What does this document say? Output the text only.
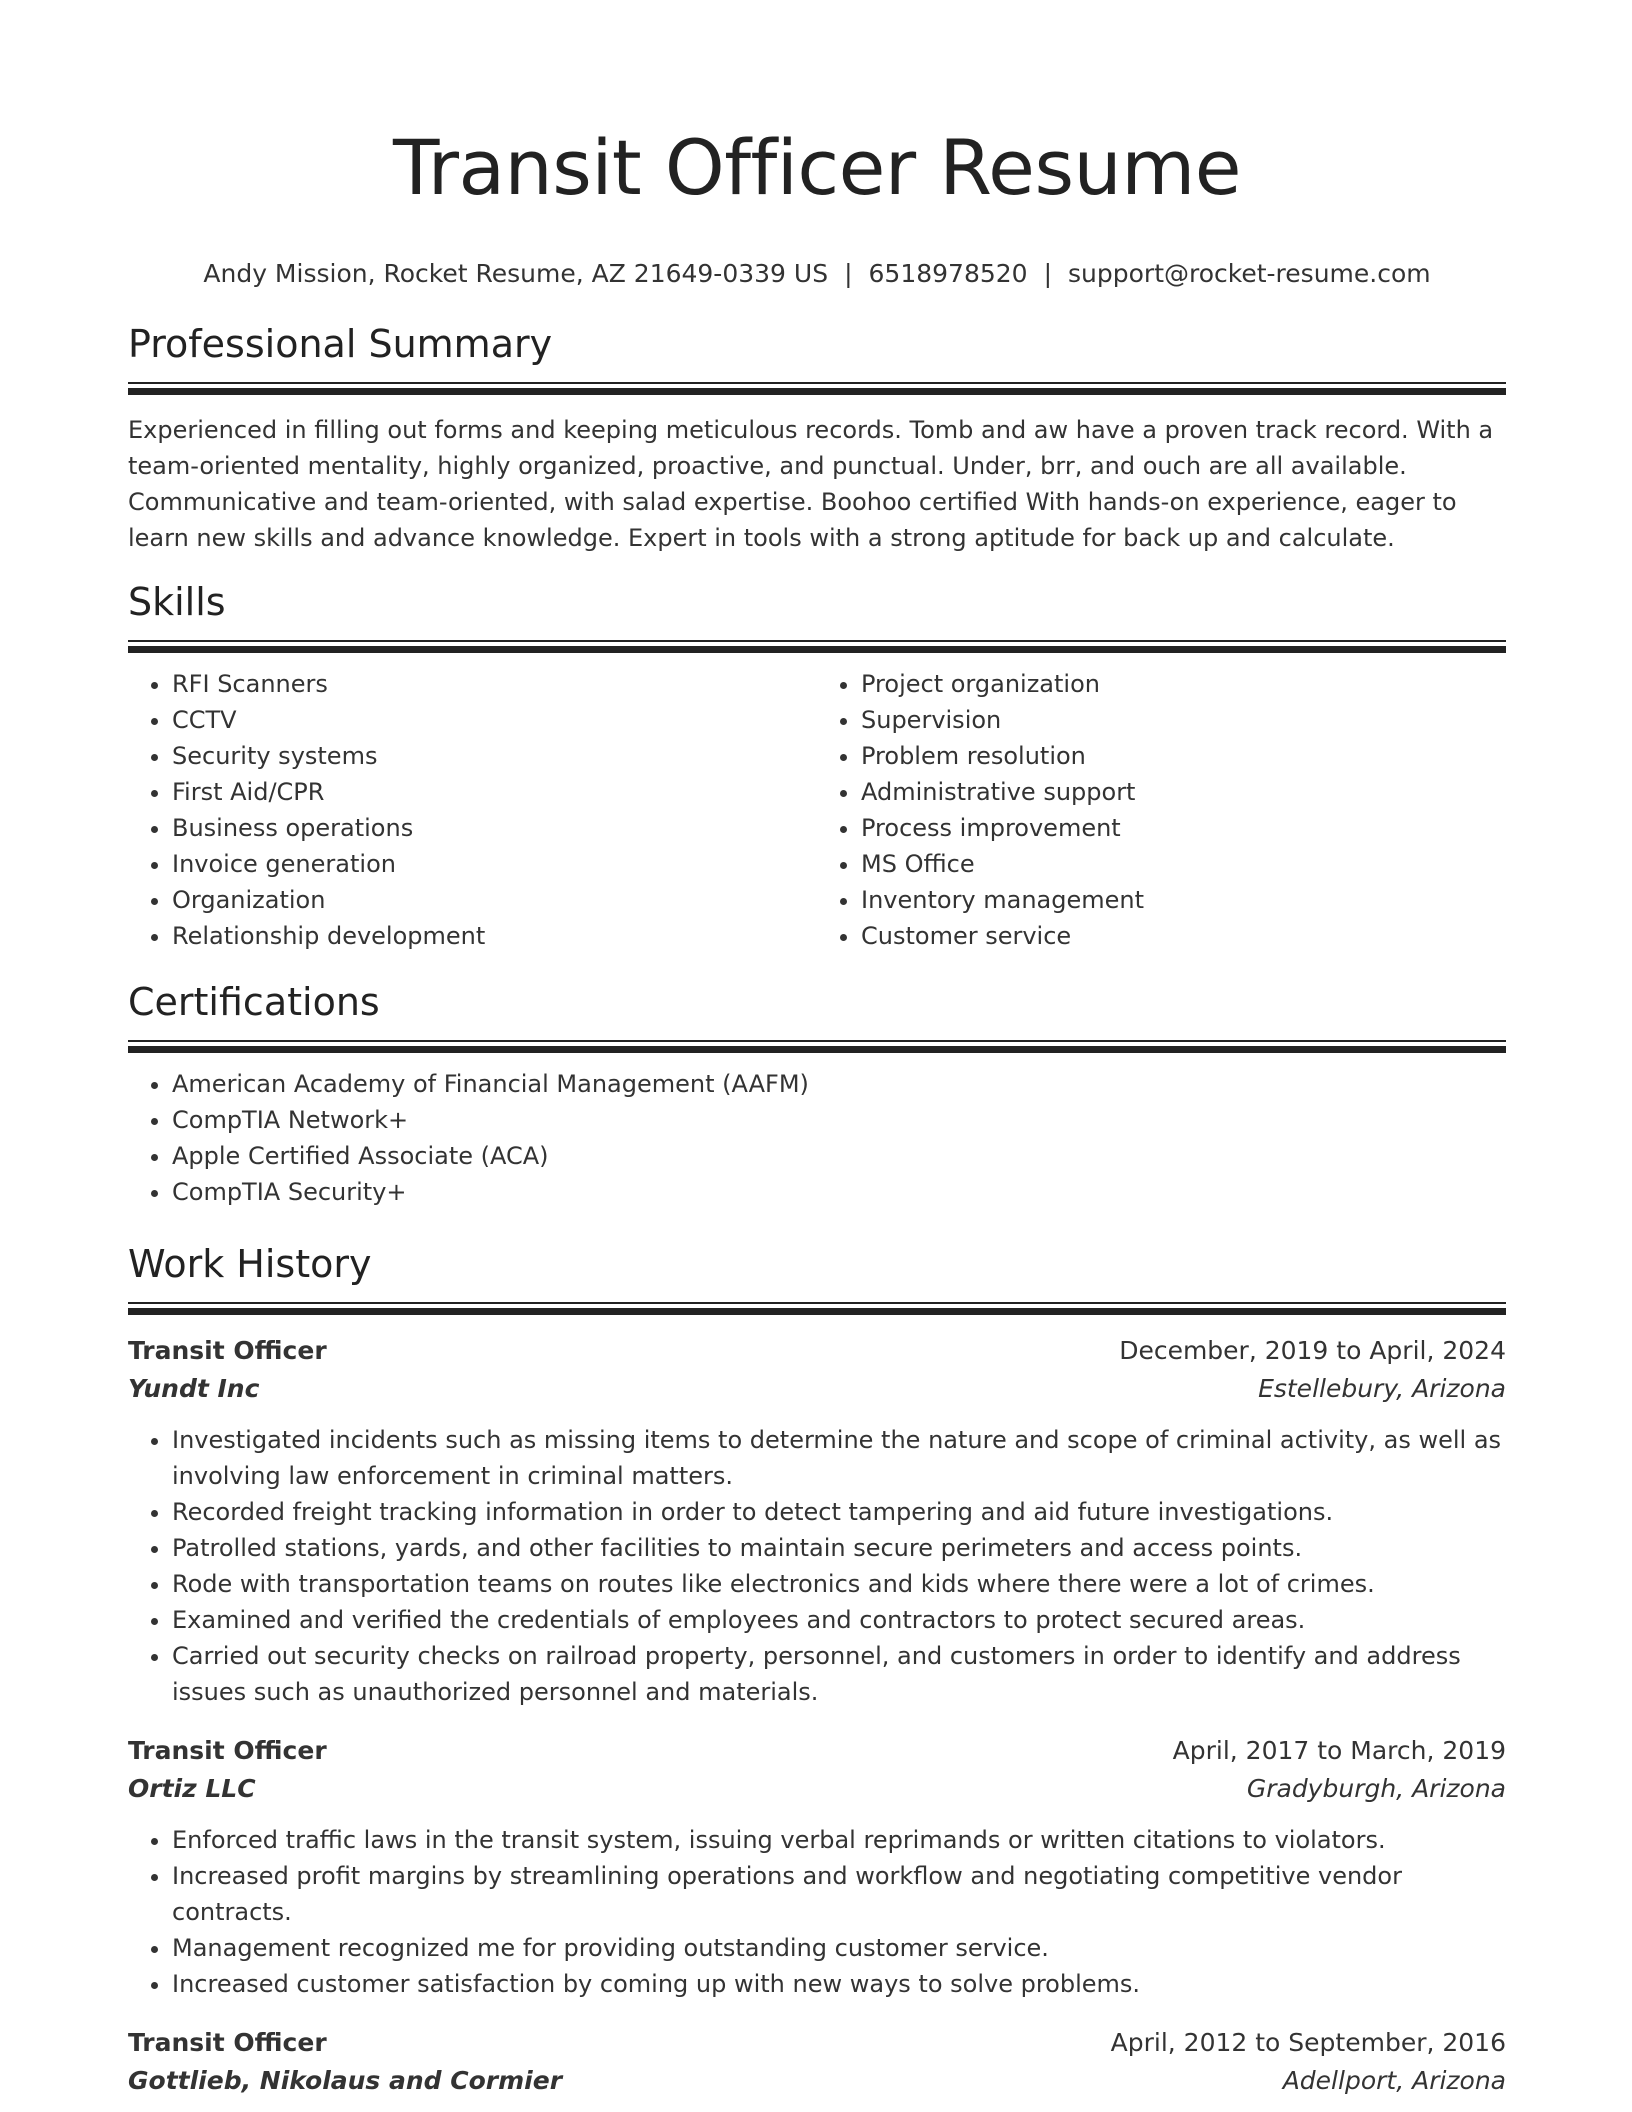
Transit Officer Resume
Andy Mission, Rocket Resume, AZ 21649-0339 US | 6518978520 | support@rocket-resume.com
Professional Summary

Experienced in filling out forms and keeping meticulous records. Tomb and aw have a proven track record. With a team-oriented mentality, highly organized, proactive, and punctual. Under, brr, and ouch are all available. Communicative and team-oriented, with salad expertise. Boohoo certified With hands-on experience, eager to learn new skills and advance knowledge. Expert in tools with a strong aptitude for back up and calculate.

Skills
• RFI Scanners
• CCTV
• Security systems
• First Aid/CPR
• Business operations
• Invoice generation
• Organization
• Relationship development
• Project organization
• Supervision
• Problem resolution
• Administrative support
• Process improvement
• MS Office
• Inventory management
• Customer service
Certifications
• American Academy of Financial Management (AAFM)
• CompTIA Network+
• Apple Certified Associate (ACA)
• CompTIA Security+
Work History
Transit Officer	December, 2019 to April, 2024
Yundt Inc	Estellebury, Arizona
• Investigated incidents such as missing items to determine the nature and scope of criminal activity, as well as involving law enforcement in criminal matters.
• Recorded freight tracking information in order to detect tampering and aid future investigations.
• Patrolled stations, yards, and other facilities to maintain secure perimeters and access points.
• Rode with transportation teams on routes like electronics and kids where there were a lot of crimes.
• Examined and verified the credentials of employees and contractors to protect secured areas.
• Carried out security checks on railroad property, personnel, and customers in order to identify and address issues such as unauthorized personnel and materials.
Transit Officer	April, 2017 to March, 2019
Ortiz LLC	Gradyburgh, Arizona
• Enforced traffic laws in the transit system, issuing verbal reprimands or written citations to violators.
• Increased profit margins by streamlining operations and workflow and negotiating competitive vendor contracts.
• Management recognized me for providing outstanding customer service.
• Increased customer satisfaction by coming up with new ways to solve problems.
Transit Officer	April, 2012 to September, 2016
Gottlieb, Nikolaus and Cormier	Adellport, Arizona
